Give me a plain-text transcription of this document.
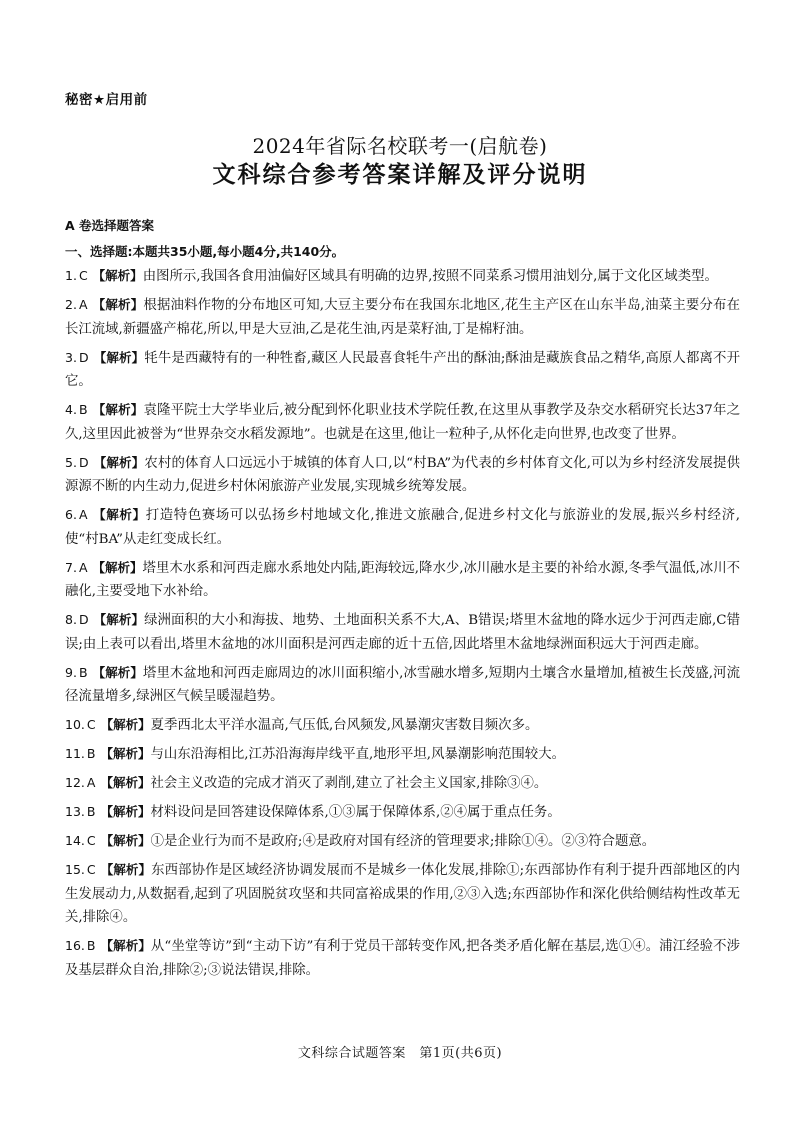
秘密★启用前
2024年省际名校联考一(启航卷)
文科综合参考答案详解及评分说明
A 卷选择题答案
一、选择题:本题共35小题,每小题4分,共140分。

1. C 【解析】由图所示,我国各食用油偏好区域具有明确的边界,按照不同菜系习惯用油划分,属于文化区域类型。

2. A 【解析】根据油料作物的分布地区可知,大豆主要分布在我国东北地区,花生主产区在山东半岛,油菜主要分布在长江流域,新疆盛产棉花,所以,甲是大豆油,乙是花生油,丙是菜籽油,丁是棉籽油。

3. D 【解析】牦牛是西藏特有的一种牲畜,藏区人民最喜食牦牛产出的酥油;酥油是藏族食品之精华,高原人都离不开它。

4. B 【解析】袁隆平院士大学毕业后,被分配到怀化职业技术学院任教,在这里从事教学及杂交水稻研究长达37年之久,这里因此被誉为“世界杂交水稻发源地”。也就是在这里,他让一粒种子,从怀化走向世界,也改变了世界。

5. D 【解析】农村的体育人口远远小于城镇的体育人口,以“村BA”为代表的乡村体育文化,可以为乡村经济发展提供源源不断的内生动力,促进乡村休闲旅游产业发展,实现城乡统筹发展。

6. A 【解析】打造特色赛场可以弘扬乡村地域文化,推进文旅融合,促进乡村文化与旅游业的发展,振兴乡村经济,使“村BA”从走红变成长红。

7. A 【解析】塔里木水系和河西走廊水系地处内陆,距海较远,降水少,冰川融水是主要的补给水源,冬季气温低,冰川不融化,主要受地下水补给。

8. D 【解析】绿洲面积的大小和海拔、地势、土地面积关系不大,A、B错误;塔里木盆地的降水远少于河西走廊,C错误;由上表可以看出,塔里木盆地的冰川面积是河西走廊的近十五倍,因此塔里木盆地绿洲面积远大于河西走廊。

9. B 【解析】塔里木盆地和河西走廊周边的冰川面积缩小,冰雪融水增多,短期内土壤含水量增加,植被生长茂盛,河流径流量增多,绿洲区气候呈暖湿趋势。

10. C 【解析】夏季西北太平洋水温高,气压低,台风频发,风暴潮灾害数目频次多。

11. B 【解析】与山东沿海相比,江苏沿海海岸线平直,地形平坦,风暴潮影响范围较大。

12. A 【解析】社会主义改造的完成才消灭了剥削,建立了社会主义国家,排除③④。

13. B 【解析】材料设问是回答建设保障体系,①③属于保障体系,②④属于重点任务。

14. C 【解析】①是企业行为而不是政府;④是政府对国有经济的管理要求;排除①④。②③符合题意。

15. C 【解析】东西部协作是区域经济协调发展而不是城乡一体化发展,排除①;东西部协作有利于提升西部地区的内生发展动力,从数据看,起到了巩固脱贫攻坚和共同富裕成果的作用,②③入选;东西部协作和深化供给侧结构性改革无关,排除④。

16. B 【解析】从“坐堂等访”到“主动下访”有利于党员干部转变作风,把各类矛盾化解在基层,选①④。浦江经验不涉及基层群众自治,排除②;③说法错误,排除。

文科综合试题答案　第1页(共6页)
